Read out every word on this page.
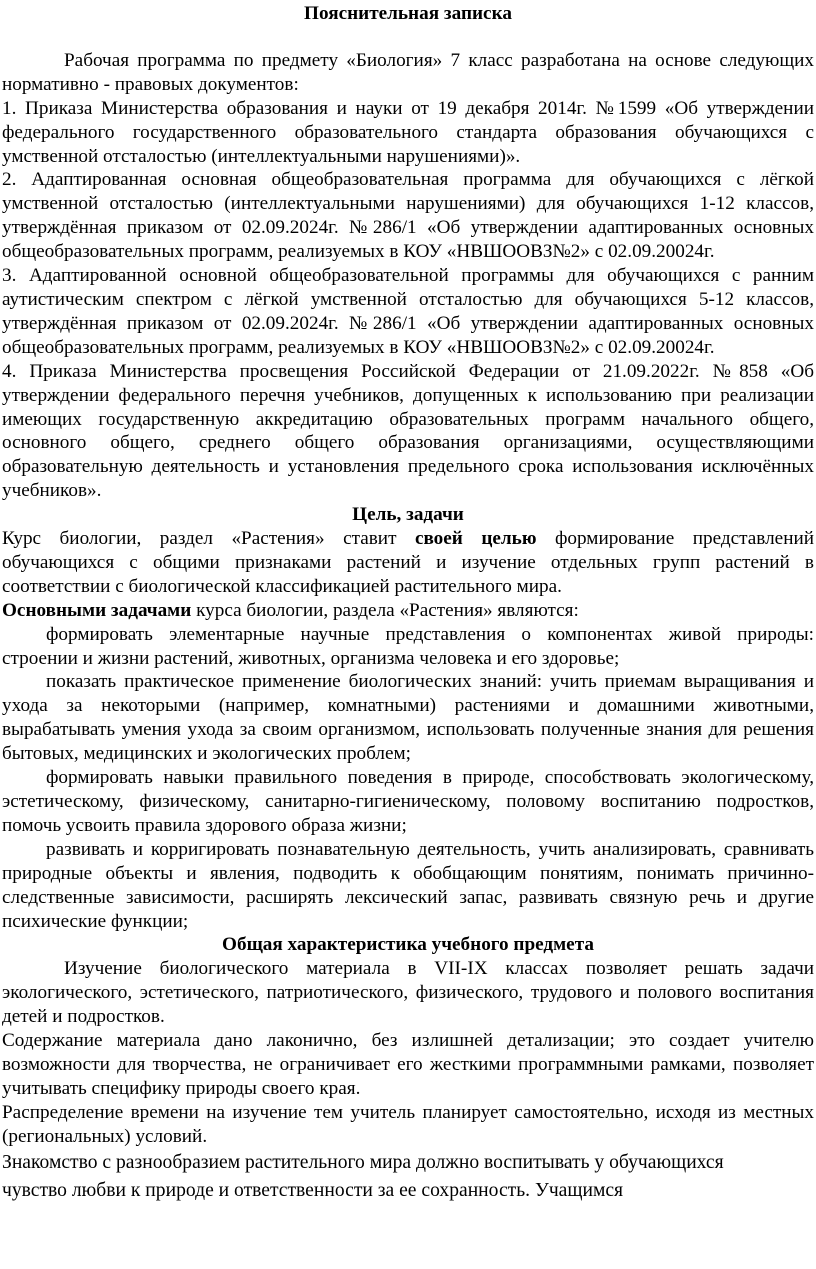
Пояснительная записка

Рабочая программа по предмету «Биология» 7 класс разработана на основе следующих нормативно - правовых документов:

1. Приказа Министерства образования и науки от 19 декабря 2014г. №1599 «Об утверждении федерального государственного образовательного стандарта образования обучающихся с умственной отсталостью (интеллектуальными нарушениями)».

2. Адаптированная основная общеобразовательная программа для обучающихся с лёгкой умственной отсталостью (интеллектуальными нарушениями) для обучающихся 1-12 классов, утверждённая приказом от 02.09.2024г. №286/1 «Об утверждении адаптированных основных общеобразовательных программ, реализуемых в КОУ «НВШООВЗ№2» с 02.09.20024г.

3. Адаптированной основной общеобразовательной программы для обучающихся с ранним аутистическим спектром с лёгкой умственной отсталостью для обучающихся 5-12 классов, утверждённая приказом от 02.09.2024г. №286/1 «Об утверждении адаптированных основных общеобразовательных программ, реализуемых в КОУ «НВШООВЗ№2» с 02.09.20024г.

4. Приказа Министерства просвещения Российской Федерации от 21.09.2022г. №858 «Об утверждении федерального перечня учебников, допущенных к использованию при реализации имеющих государственную аккредитацию образовательных программ начального общего, основного общего, среднего общего образования организациями, осуществляющими образовательную деятельность и установления предельного срока использования исключённых учебников».

Цель, задачи

Курс биологии, раздел «Растения» ставит своей целью формирование представлений обучающихся с общими признаками растений и изучение отдельных групп растений в соответствии с биологической классификацией растительного мира.

Основными задачами курса биологии, раздела «Растения» являются:

формировать элементарные научные представления о компонентах живой природы: строении и жизни растений, животных, организма человека и его здоровье;

показать практическое применение биологических знаний: учить приемам выращивания и ухода за некоторыми (например, комнатными) растениями и домашними животными, вырабатывать умения ухода за своим организмом, использовать полученные знания для решения бытовых, медицинских и экологических проблем;

формировать навыки правильного поведения в природе, способствовать экологическому, эстетическому, физическому, санитарно-гигиеническому, половому воспитанию подростков, помочь усвоить правила здорового образа жизни;

развивать и корригировать познавательную деятельность, учить анализировать, сравнивать природные объекты и явления, подводить к обобщающим понятиям, понимать причинно-следственные зависимости, расширять лексический запас, развивать связную речь и другие психические функции;

Общая характеристика учебного предмета

Изучение биологического материала в VII-IX классах позволяет решать задачи экологического, эстетического, патриотического, физического, трудового и полового воспитания детей и подростков.

Содержание материала дано лаконично, без излишней детализации; это создает учителю возможности для творчества, не ограничивает его жесткими программными рамками, позволяет учитывать специфику природы своего края.

Распределение времени на изучение тем учитель планирует самостоятельно, исходя из местных (региональных) условий.

Знакомство с разнообразием растительного мира должно воспитывать у обучающихся

чувство любви к природе и ответственности за ее сохранность. Учащимся
